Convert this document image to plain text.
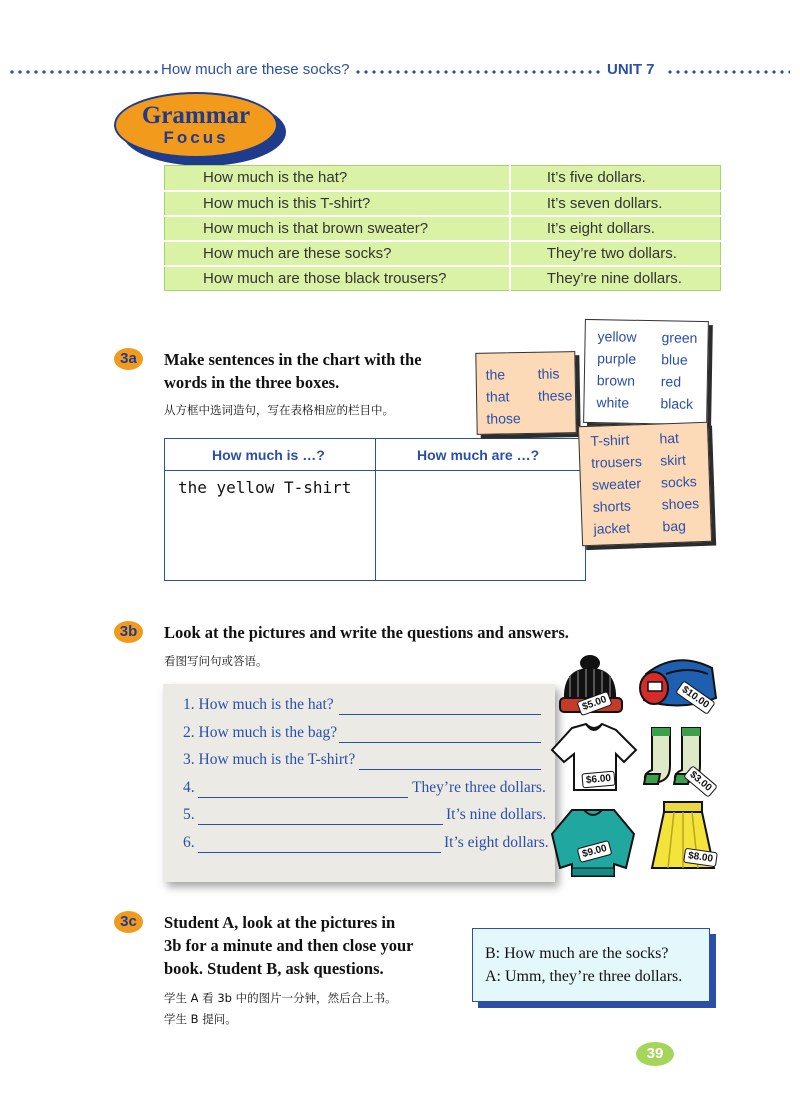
How much are these socks?	UNIT 7
Grammar
Focus
How much is the hat?	It’s five dollars.
How much is this T-shirt?	It’s seven dollars.
How much is that brown sweater?	It’s eight dollars.
How much are these socks?	They’re two dollars.
How much are those black trousers?	They’re nine dollars.
3a	Make sentences in the chart with the
words in the three boxes.
从方框中选词造句，写在表格相应的栏目中。
How much is …?	How much are …?
the yellow T-shirt
yellow green
purple blue
brown red
white black
the this
that these
those
T-shirt hat
trousers skirt
sweater socks
shorts shoes
jacket bag
3b	Look at the pictures and write the questions and answers.
看图写问句或答语。
1. How much is the hat?
2. How much is the bag?
3. How much is the T-shirt?
4.	They’re three dollars.
5.	It’s nine dollars.
6.	It’s eight dollars.
$5.00	$10.00
$6.00	$3.00
$9.00	$8.00
3c	Student A, look at the pictures in
3b for a minute and then close your
book. Student B, ask questions.
学生 A 看 3b 中的图片一分钟，然后合上书。
学生 B 提问。

B: How much are the socks?

A: Umm, they’re three dollars.

39
